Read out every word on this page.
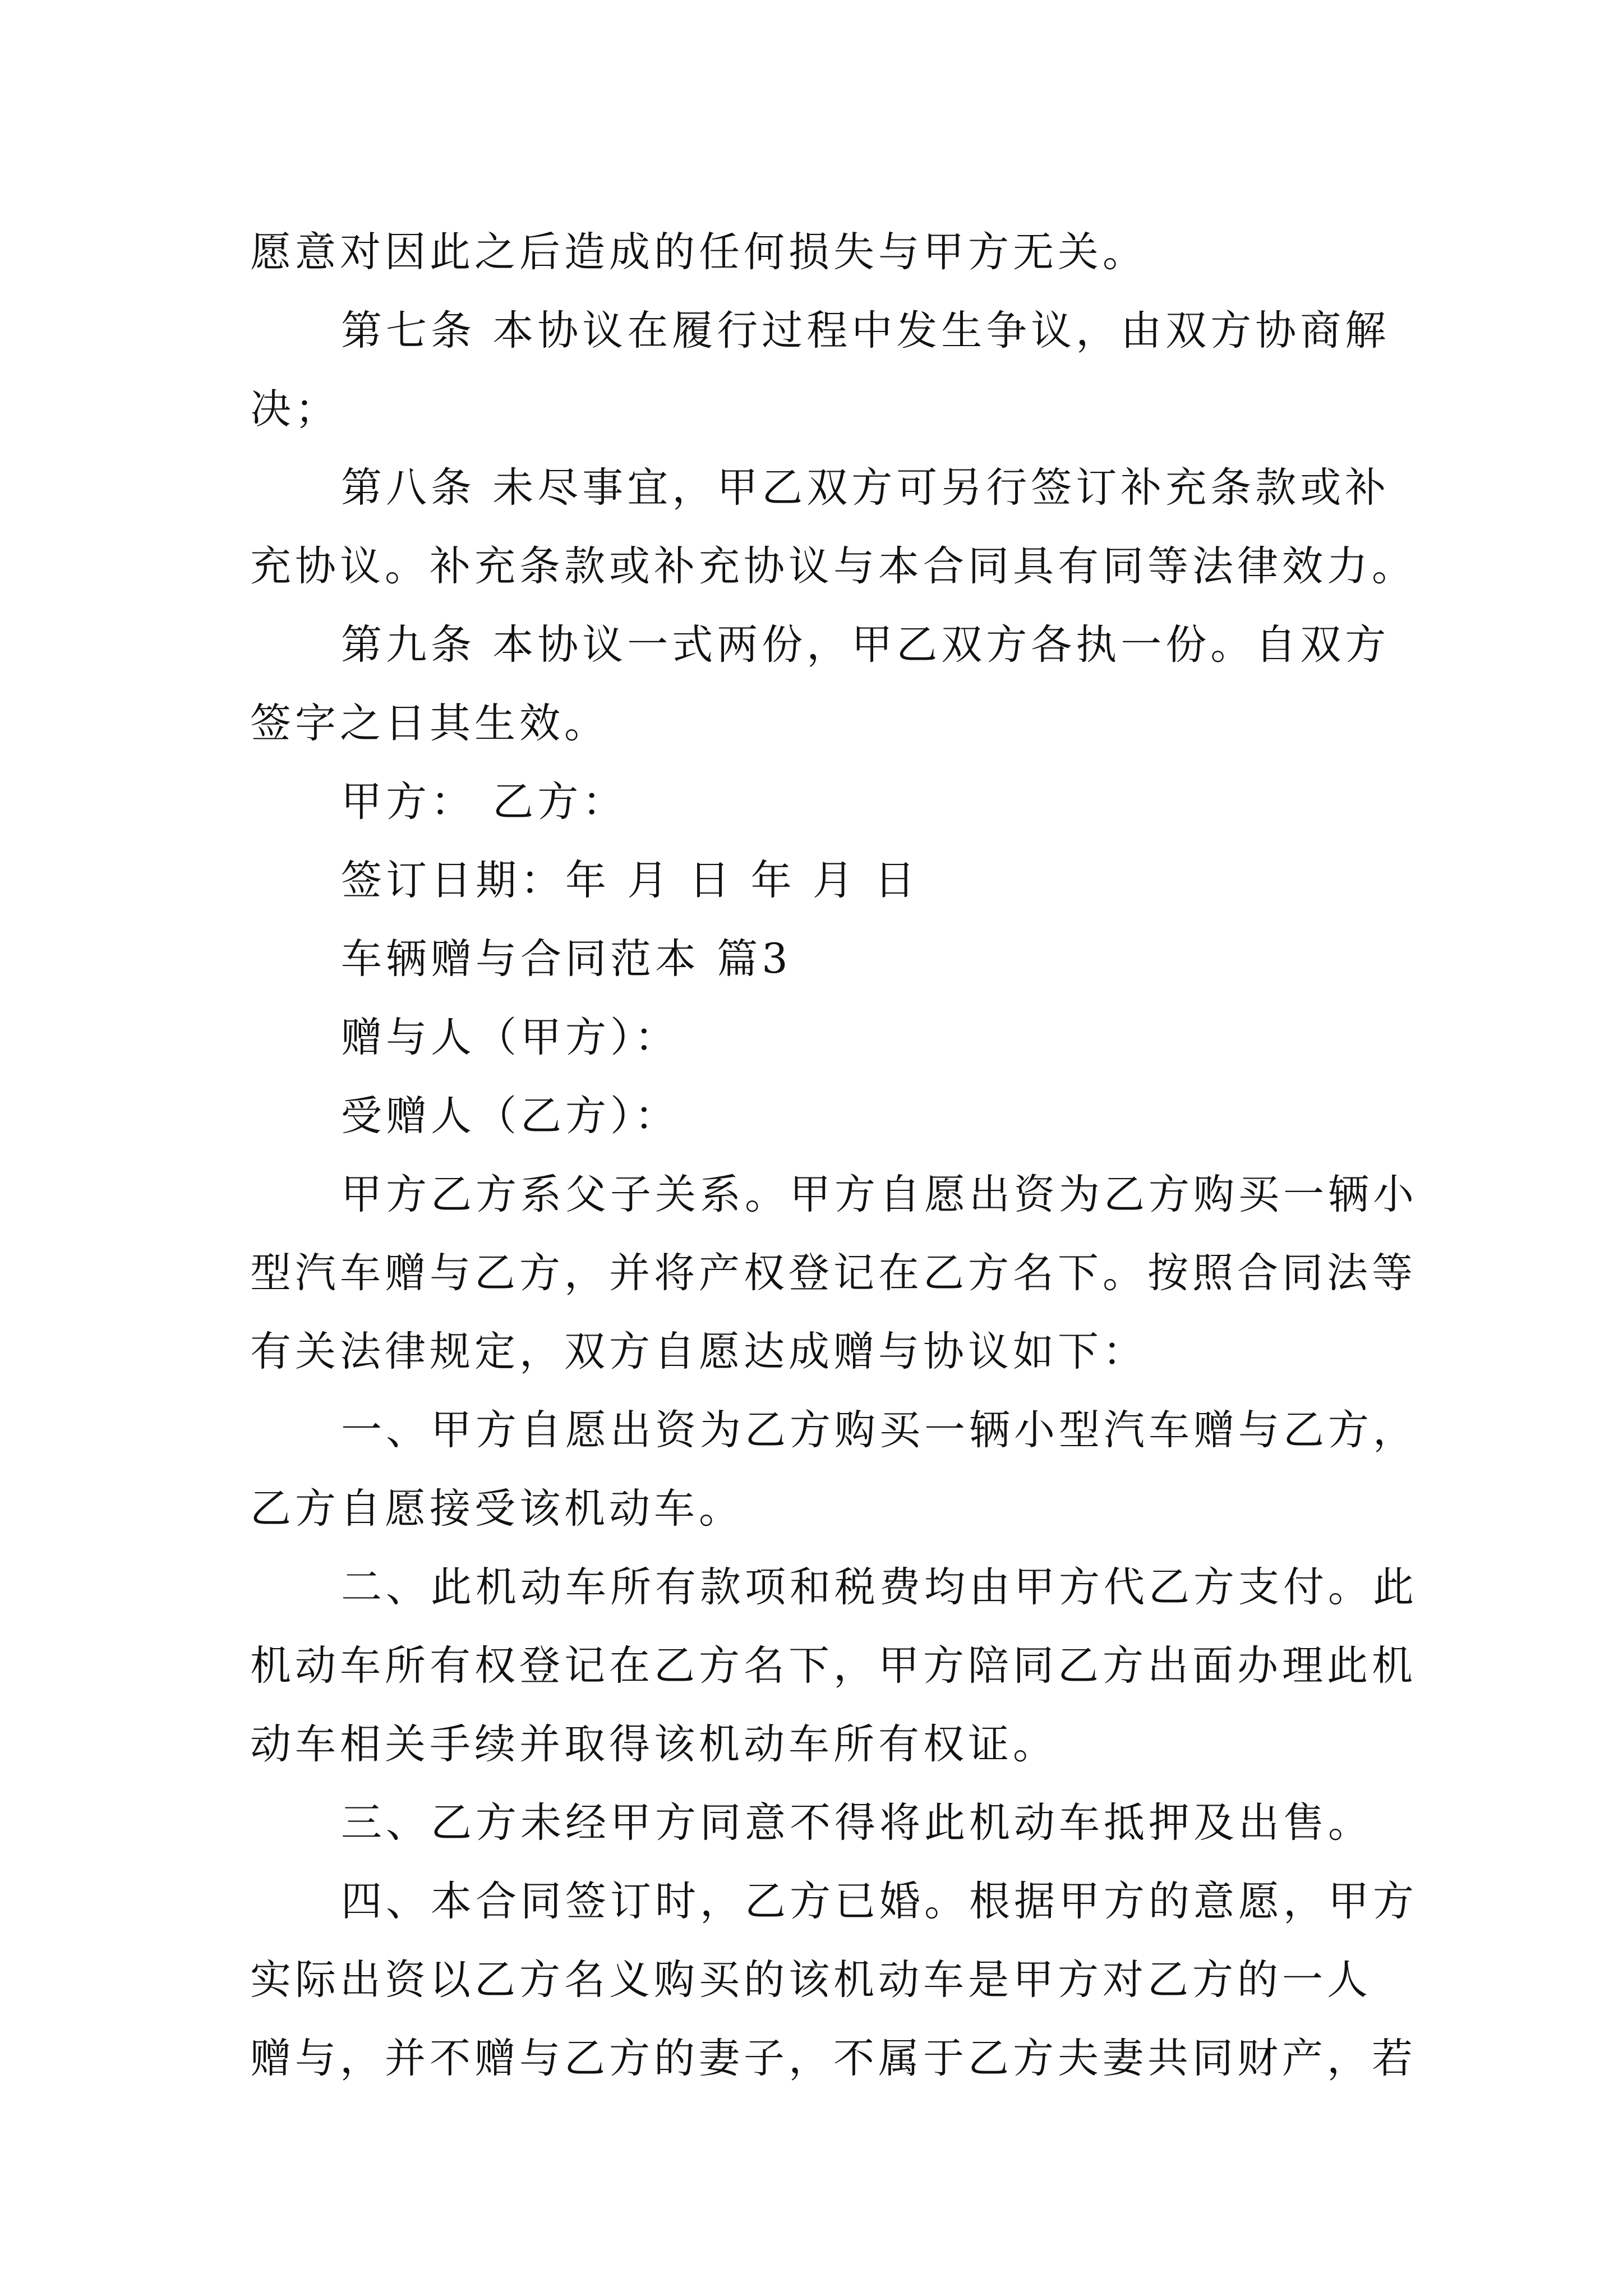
愿意对因此之后造成的任何损失与甲方无关。

第七条 本协议在履行过程中发生争议，由双方协商解

决；

第八条 未尽事宜，甲乙双方可另行签订补充条款或补

充协议。补充条款或补充协议与本合同具有同等法律效力。

第九条 本协议一式两份，甲乙双方各执一份。自双方

签字之日其生效。

甲方： 乙方：

签订日期：年 月 日 年 月 日

车辆赠与合同范本 篇3

赠与人（甲方）：

受赠人（乙方）：

甲方乙方系父子关系。甲方自愿出资为乙方购买一辆小

型汽车赠与乙方，并将产权登记在乙方名下。按照合同法等

有关法律规定，双方自愿达成赠与协议如下：

一、甲方自愿出资为乙方购买一辆小型汽车赠与乙方，

乙方自愿接受该机动车。

二、此机动车所有款项和税费均由甲方代乙方支付。此

机动车所有权登记在乙方名下，甲方陪同乙方出面办理此机

动车相关手续并取得该机动车所有权证。

三、乙方未经甲方同意不得将此机动车抵押及出售。

四、本合同签订时，乙方已婚。根据甲方的意愿，甲方

实际出资以乙方名义购买的该机动车是甲方对乙方的一人

赠与，并不赠与乙方的妻子，不属于乙方夫妻共同财产，若
